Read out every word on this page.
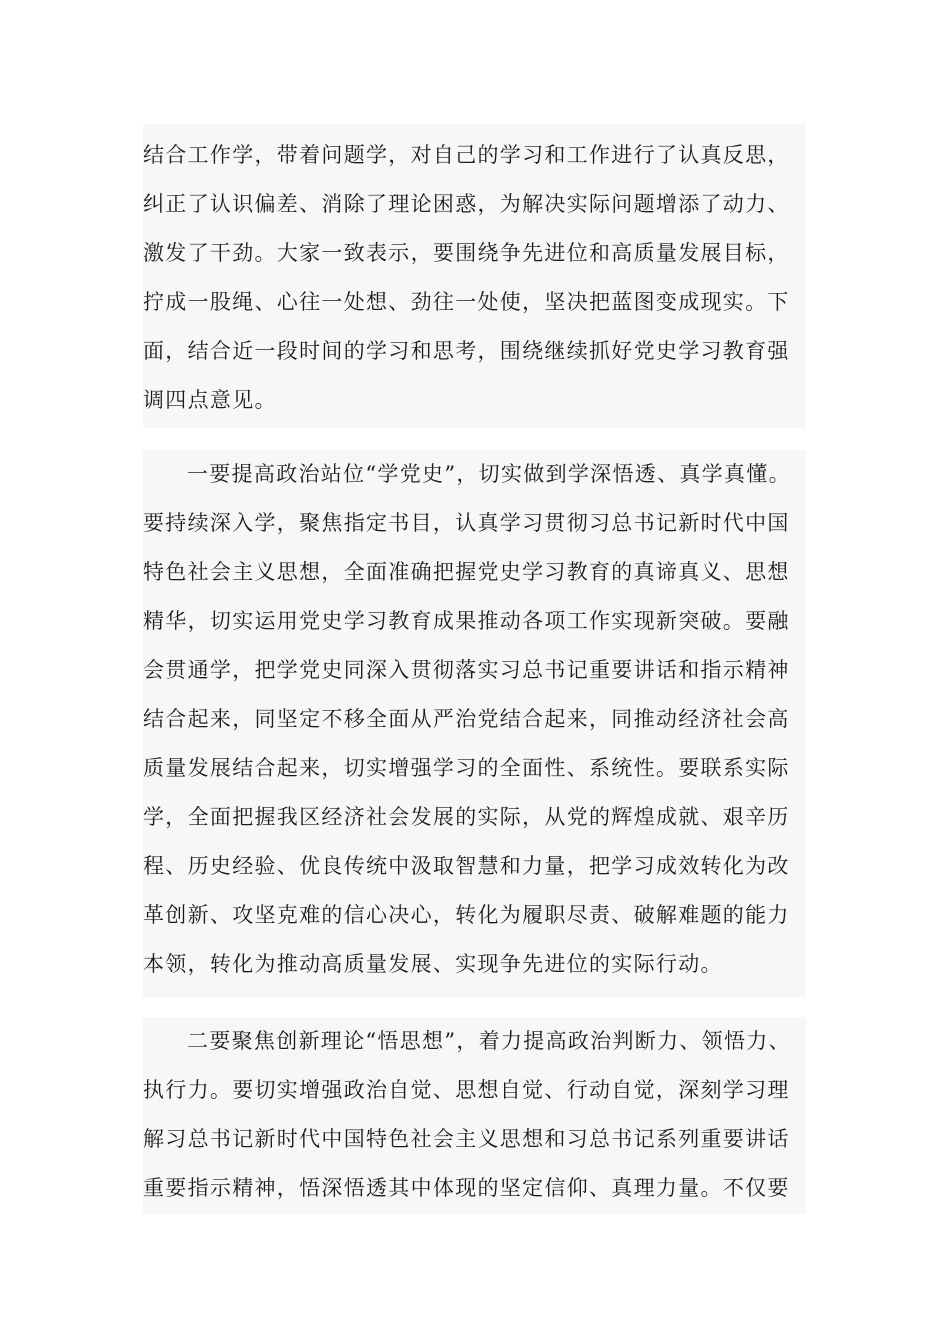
结合工作学，带着问题学，对自己的学习和工作进行了认真反思，
纠正了认识偏差、消除了理论困惑，为解决实际问题增添了动力、
激发了干劲。大家一致表示，要围绕争先进位和高质量发展目标，
拧成一股绳、心往一处想、劲往一处使，坚决把蓝图变成现实。下
面，结合近一段时间的学习和思考，围绕继续抓好党史学习教育强
调四点意见。
一要提高政治站位“学党史”，切实做到学深悟透、真学真懂。
要持续深入学，聚焦指定书目，认真学习贯彻习总书记新时代中国
特色社会主义思想，全面准确把握党史学习教育的真谛真义、思想
精华，切实运用党史学习教育成果推动各项工作实现新突破。要融
会贯通学，把学党史同深入贯彻落实习总书记重要讲话和指示精神
结合起来，同坚定不移全面从严治党结合起来，同推动经济社会高
质量发展结合起来，切实增强学习的全面性、系统性。要联系实际
学，全面把握我区经济社会发展的实际，从党的辉煌成就、艰辛历
程、历史经验、优良传统中汲取智慧和力量，把学习成效转化为改
革创新、攻坚克难的信心决心，转化为履职尽责、破解难题的能力
本领，转化为推动高质量发展、实现争先进位的实际行动。
二要聚焦创新理论“悟思想”，着力提高政治判断力、领悟力、
执行力。要切实增强政治自觉、思想自觉、行动自觉，深刻学习理
解习总书记新时代中国特色社会主义思想和习总书记系列重要讲话
重要指示精神，悟深悟透其中体现的坚定信仰、真理力量。不仅要
